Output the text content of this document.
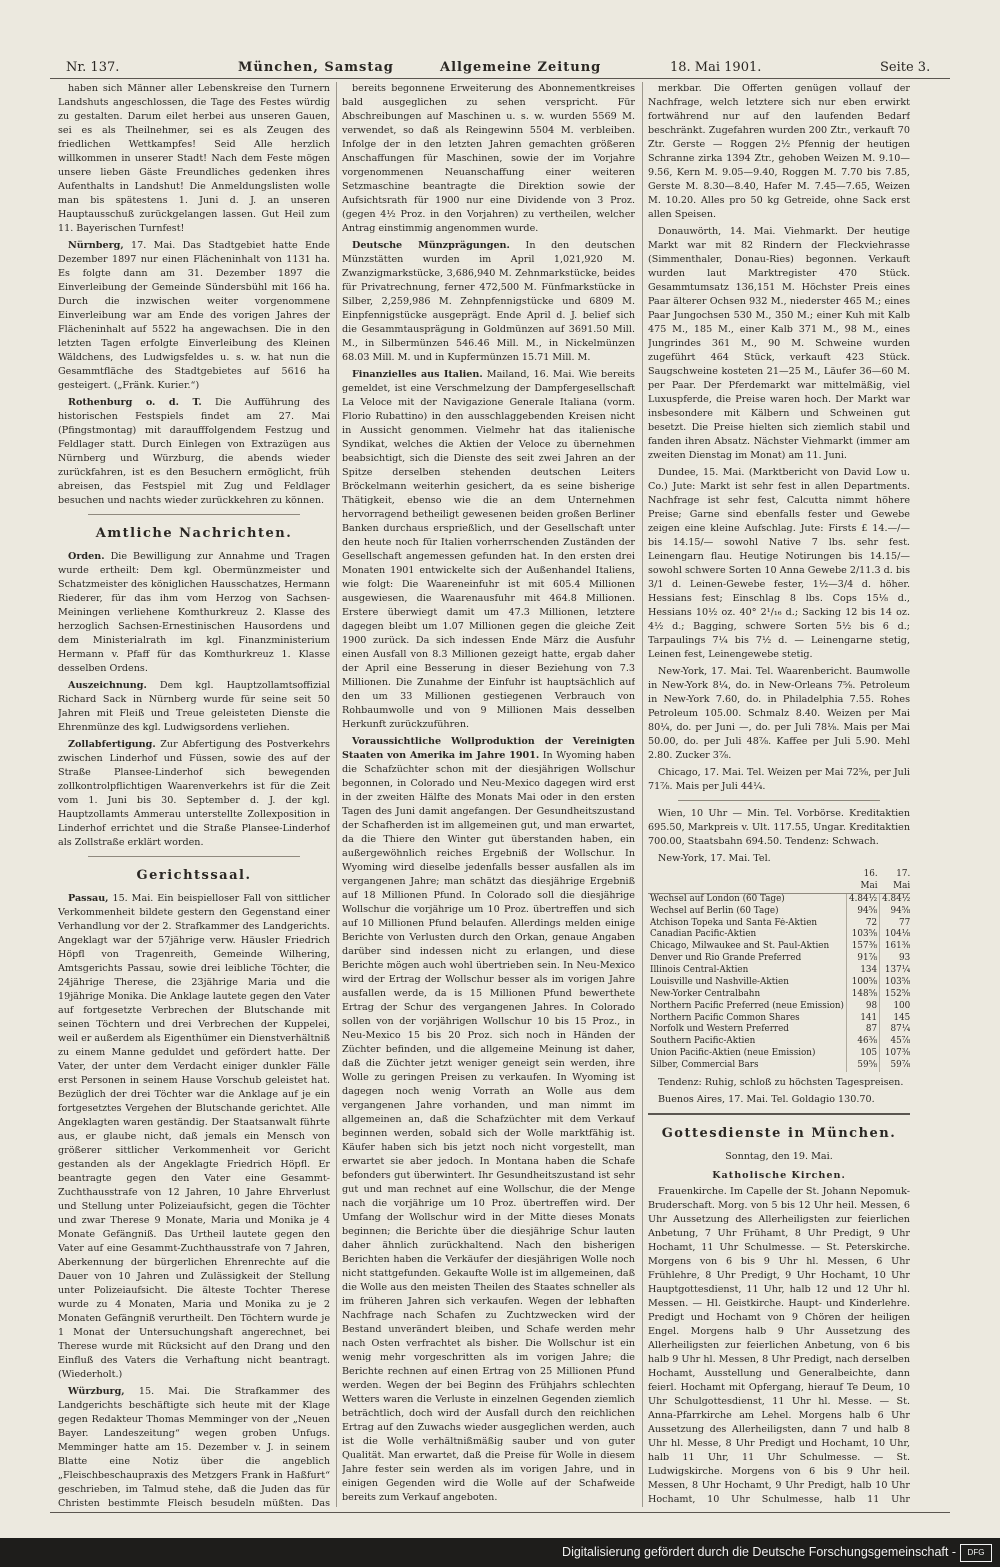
Nr. 137.	München, Samstag	Allgemeine Zeitung	18. Mai 1901.	Seite 3.

haben sich Männer aller Lebenskreise den Turnern Landshuts angeschlossen, die Tage des Festes würdig zu gestalten. Darum eilet herbei aus unseren Gauen, sei es als Theilnehmer, sei es als Zeugen des friedlichen Wettkampfes! Seid Alle herzlich willkommen in unserer Stadt! Nach dem Feste mögen unsere lieben Gäste Freundliches gedenken ihres Aufenthalts in Landshut! Die Anmeldungslisten wolle man bis spätestens 1. Juni d. J. an unseren Hauptausschuß zurückgelangen lassen. Gut Heil zum 11. Bayerischen Turnfest!

Nürnberg, 17. Mai. Das Stadtgebiet hatte Ende Dezember 1897 nur einen Flächeninhalt von 1131 ha. Es folgte dann am 31. Dezember 1897 die Einverleibung der Gemeinde Sündersbühl mit 166 ha. Durch die inzwischen weiter vorgenommene Einverleibung war am Ende des vorigen Jahres der Flächeninhalt auf 5522 ha angewachsen. Die in den letzten Tagen erfolgte Einverleibung des Kleinen Wäldchens, des Ludwigsfeldes u. s. w. hat nun die Gesammtfläche des Stadtgebietes auf 5616 ha gesteigert. („Fränk. Kurier.“)

Rothenburg o. d. T. Die Aufführung des historischen Festspiels findet am 27. Mai (Pfingstmontag) mit daraufffolgendem Festzug und Feldlager statt. Durch Einlegen von Extrazügen aus Nürnberg und Würzburg, die abends wieder zurückfahren, ist es den Besuchern ermöglicht, früh abreisen, das Festspiel mit Zug und Feldlager besuchen und nachts wieder zurückkehren zu können.

Amtliche Nachrichten.

Orden. Die Bewilligung zur Annahme und Tragen wurde ertheilt: Dem kgl. Obermünzmeister und Schatzmeister des königlichen Hausschatzes, Hermann Riederer, für das ihm vom Herzog von Sachsen-Meiningen verliehene Komthurkreuz 2. Klasse des herzoglich Sachsen-Ernestinischen Hausordens und dem Ministerialrath im kgl. Finanzministerium Hermann v. Pfaff für das Komthurkreuz 1. Klasse desselben Ordens.

Auszeichnung. Dem kgl. Hauptzollamtsoffizial Richard Sack in Nürnberg wurde für seine seit 50 Jahren mit Fleiß und Treue geleisteten Dienste die Ehrenmünze des kgl. Ludwigsordens verliehen.

Zollabfertigung. Zur Abfertigung des Postverkehrs zwischen Linderhof und Füssen, sowie des auf der Straße Plansee-Linderhof sich bewegenden zollkontrolpflichtigen Waarenverkehrs ist für die Zeit vom 1. Juni bis 30. September d. J. der kgl. Hauptzollamts Ammerau unterstellte Zollexposition in Linderhof errichtet und die Straße Plansee-Linderhof als Zollstraße erklärt worden.

Gerichtssaal.

Passau, 15. Mai. Ein beispielloser Fall von sittlicher Verkommenheit bildete gestern den Gegenstand einer Verhandlung vor der 2. Strafkammer des Landgerichts. Angeklagt war der 57jährige verw. Häusler Friedrich Höpfl von Tragenreith, Gemeinde Wilhering, Amtsgerichts Passau, sowie drei leibliche Töchter, die 24jährige Therese, die 23jährige Maria und die 19jährige Monika. Die Anklage lautete gegen den Vater auf fortgesetzte Verbrechen der Blutschande mit seinen Töchtern und drei Verbrechen der Kuppelei, weil er außerdem als Eigenthümer ein Dienstverhältniß zu einem Manne geduldet und gefördert hatte. Der Vater, der unter dem Verdacht einiger dunkler Fälle erst Personen in seinem Hause Vorschub geleistet hat. Bezüglich der drei Töchter war die Anklage auf je ein fortgesetztes Vergehen der Blutschande gerichtet. Alle Angeklagten waren geständig. Der Staatsanwalt führte aus, er glaube nicht, daß jemals ein Mensch von größerer sittlicher Verkommenheit vor Gericht gestanden als der Angeklagte Friedrich Höpfl. Er beantragte gegen den Vater eine Gesammt-Zuchthausstrafe von 12 Jahren, 10 Jahre Ehrverlust und Stellung unter Polizeiaufsicht, gegen die Töchter und zwar Therese 9 Monate, Maria und Monika je 4 Monate Gefängniß. Das Urtheil lautete gegen den Vater auf eine Gesammt-Zuchthausstrafe von 7 Jahren, Aberkennung der bürgerlichen Ehrenrechte auf die Dauer von 10 Jahren und Zulässigkeit der Stellung unter Polizeiaufsicht. Die älteste Tochter Therese wurde zu 4 Monaten, Maria und Monika zu je 2 Monaten Gefängniß verurtheilt. Den Töchtern wurde je 1 Monat der Untersuchungshaft angerechnet, bei Therese wurde mit Rücksicht auf den Drang und den Einfluß des Vaters die Verhaftung nicht beantragt. (Wiederholt.)

Würzburg, 15. Mai. Die Strafkammer des Landgerichts beschäftigte sich heute mit der Klage gegen Redakteur Thomas Memminger von der „Neuen Bayer. Landeszeitung“ wegen groben Unfugs. Memminger hatte am 15. Dezember v. J. in seinem Blatte eine Notiz über die angeblich „Fleischbeschaupraxis des Metzgers Frank in Haßfurt“ geschrieben, im Talmud stehe, daß die Juden das für Christen bestimmte Fleisch besudeln müßten. Das

bereits begonnene Erweiterung des Abonnementkreises bald ausgeglichen zu sehen verspricht. Für Abschreibungen auf Maschinen u. s. w. wurden 5569 M. verwendet, so daß als Reingewinn 5504 M. verbleiben. Infolge der in den letzten Jahren gemachten größeren Anschaffungen für Maschinen, sowie der im Vorjahre vorgenommenen Neuanschaffung einer weiteren Setzmaschine beantragte die Direktion sowie der Aufsichtsrath für 1900 nur eine Dividende von 3 Proz. (gegen 4½ Proz. in den Vorjahren) zu vertheilen, welcher Antrag einstimmig angenommen wurde.

Deutsche Münzprägungen. In den deutschen Münzstätten wurden im April 1,021,920 M. Zwanzigmarkstücke, 3,686,940 M. Zehnmarkstücke, beides für Privatrechnung, ferner 472,500 M. Fünfmarkstücke in Silber, 2,259,986 M. Zehnpfennigstücke und 6809 M. Einpfennigstücke ausgeprägt. Ende April d. J. belief sich die Gesammtausprägung in Goldmünzen auf 3691.50 Mill. M., in Silbermünzen 546.46 Mill. M., in Nickelmünzen 68.03 Mill. M. und in Kupfermünzen 15.71 Mill. M.

Finanzielles aus Italien. Mailand, 16. Mai. Wie bereits gemeldet, ist eine Verschmelzung der Dampfergesellschaft La Veloce mit der Navigazione Generale Italiana (vorm. Florio Rubattino) in den ausschlaggebenden Kreisen nicht in Aussicht genommen. Vielmehr hat das italienische Syndikat, welches die Aktien der Veloce zu übernehmen beabsichtigt, sich die Dienste des seit zwei Jahren an der Spitze derselben stehenden deutschen Leiters Bröckelmann weiterhin gesichert, da es seine bisherige Thätigkeit, ebenso wie die an dem Unternehmen hervorragend betheiligt gewesenen beiden großen Berliner Banken durchaus ersprießlich, und der Gesellschaft unter den heute noch für Italien vorherrschenden Zuständen der Gesellschaft angemessen gefunden hat. In den ersten drei Monaten 1901 entwickelte sich der Außenhandel Italiens, wie folgt: Die Waareneinfuhr ist mit 605.4 Millionen ausgewiesen, die Waarenausfuhr mit 464.8 Millionen. Erstere überwiegt damit um 47.3 Millionen, letztere dagegen bleibt um 1.07 Millionen gegen die gleiche Zeit 1900 zurück. Da sich indessen Ende März die Ausfuhr einen Ausfall von 8.3 Millionen gezeigt hatte, ergab daher der April eine Besserung in dieser Beziehung von 7.3 Millionen. Die Zunahme der Einfuhr ist hauptsächlich auf den um 33 Millionen gestiegenen Verbrauch von Rohbaumwolle und von 9 Millionen Mais desselben Herkunft zurückzuführen.

Voraussichtliche Wollproduktion der Vereinigten Staaten von Amerika im Jahre 1901. In Wyoming haben die Schafzüchter schon mit der diesjährigen Wollschur begonnen, in Colorado und Neu-Mexico dagegen wird erst in der zweiten Hälfte des Monats Mai oder in den ersten Tagen des Juni damit angefangen. Der Gesundheitszustand der Schafherden ist im allgemeinen gut, und man erwartet, da die Thiere den Winter gut überstanden haben, ein außergewöhnlich reiches Ergebniß der Wollschur. In Wyoming wird dieselbe jedenfalls besser ausfallen als im vergangenen Jahre; man schätzt das diesjährige Ergebniß auf 18 Millionen Pfund. In Colorado soll die diesjährige Wollschur die vorjährige um 10 Proz. übertreffen und sich auf 10 Millionen Pfund belaufen. Allerdings melden einige Berichte von Verlusten durch den Orkan, genaue Angaben darüber sind indessen nicht zu erlangen, und diese Berichte mögen auch wohl übertrieben sein. In Neu-Mexico wird der Ertrag der Wollschur besser als im vorigen Jahre ausfallen werde, da is 15 Millionen Pfund bewerthete Ertrag der Schur des vergangenen Jahres. In Colorado sollen von der vorjährigen Wollschur 10 bis 15 Proz., in Neu-Mexico 15 bis 20 Proz. sich noch in Händen der Züchter befinden, und die allgemeine Meinung ist daher, daß die Züchter jetzt weniger geneigt sein werden, ihre Wolle zu geringen Preisen zu verkaufen. In Wyoming ist dagegen noch wenig Vorrath an Wolle aus dem vergangenen Jahre vorhanden, und man nimmt im allgemeinen an, daß die Schafzüchter mit dem Verkauf beginnen werden, sobald sich der Wolle marktfähig ist. Käufer haben sich bis jetzt noch nicht vorgestellt, man erwartet sie aber jedoch. In Montana haben die Schafe befonders gut überwintert. Ihr Gesundheitszustand ist sehr gut und man rechnet auf eine Wollschur, die der Menge nach die vorjährige um 10 Proz. übertreffen wird. Der Umfang der Wollschur wird in der Mitte dieses Monats beginnen; die Berichte über die diesjährige Schur lauten daher ähnlich zurückhaltend. Nach den bisherigen Berichten haben die Verkäufer der diesjährigen Wolle noch nicht stattgefunden. Gekaufte Wolle ist im allgemeinen, daß die Wolle aus den meisten Theilen des Staates schneller als im früheren Jahren sich verkaufen. Wegen der lebhaften Nachfrage nach Schafen zu Zuchtzwecken wird der Bestand unverändert bleiben, und Schafe werden mehr nach Osten verfrachtet als bisher. Die Wollschur ist ein wenig mehr vorgeschritten als im vorigen Jahre; die Berichte rechnen auf einen Ertrag von 25 Millionen Pfund werden. Wegen der bei Beginn des Frühjahrs schlechten Wetters waren die Verluste in einzelnen Gegenden ziemlich beträchtlich, doch wird der Ausfall durch den reichlichen Ertrag auf den Zuwachs wieder ausgeglichen werden, auch ist die Wolle verhältnißmäßig sauber und von guter Qualität. Man erwartet, daß die Preise für Wolle in diesem Jahre fester sein werden als im vorigen Jahre, und in einigen Gegenden wird die Wolle auf der Schafweide bereits zum Verkauf angeboten.

merkbar. Die Offerten genügen vollauf der Nachfrage, welch letztere sich nur eben erwirkt fortwährend nur auf den laufenden Bedarf beschränkt. Zugefahren wurden 200 Ztr., verkauft 70 Ztr. Gerste — Roggen 2½ Pfennig der heutigen Schranne zirka 1394 Ztr., gehoben Weizen M. 9.10—9.56, Kern M. 9.05—9.40, Roggen M. 7.70 bis 7.85, Gerste M. 8.30—8.40, Hafer M. 7.45—7.65, Weizen M. 10.20. Alles pro 50 kg Getreide, ohne Sack erst allen Speisen.

Donauwörth, 14. Mai. Viehmarkt. Der heutige Markt war mit 82 Rindern der Fleckviehrasse (Simmenthaler, Donau-Ries) begonnen. Verkauft wurden laut Marktregister 470 Stück. Gesammtumsatz 136,151 M. Höchster Preis eines Paar älterer Ochsen 932 M., niederster 465 M.; eines Paar Jungochsen 530 M., 350 M.; einer Kuh mit Kalb 475 M., 185 M., einer Kalb 371 M., 98 M., eines Jungrindes 361 M., 90 M. Schweine wurden zugeführt 464 Stück, verkauft 423 Stück. Saugschweine kosteten 21—25 M., Läufer 36—60 M. per Paar. Der Pferdemarkt war mittelmäßig, viel Luxuspferde, die Preise waren hoch. Der Markt war insbesondere mit Kälbern und Schweinen gut besetzt. Die Preise hielten sich ziemlich stabil und fanden ihren Absatz. Nächster Viehmarkt (immer am zweiten Dienstag im Monat) am 11. Juni.

Dundee, 15. Mai. (Marktbericht von David Low u. Co.) Jute: Markt ist sehr fest in allen Departments. Nachfrage ist sehr fest, Calcutta nimmt höhere Preise; Garne sind ebenfalls fester und Gewebe zeigen eine kleine Aufschlag. Jute: Firsts £ 14.—/— bis 14.15/— sowohl Native 7 lbs. sehr fest. Leinengarn flau. Heutige Notirungen bis 14.15/— sowohl schwere Sorten 10 Anna Gewebe 2/11.3 d. bis 3/1 d. Leinen-Gewebe fester, 1½—3/4 d. höher. Hessians fest; Einschlag 8 lbs. Cops 15⅛ d., Hessians 10½ oz. 40° 2¹/₁₆ d.; Sacking 12 bis 14 oz. 4½ d.; Bagging, schwere Sorten 5½ bis 6 d.; Tarpaulings 7¼ bis 7½ d. — Leinengarne stetig, Leinen fest, Leinengewebe stetig.

New-York, 17. Mai. Tel. Waarenbericht. Baumwolle in New-York 8¼, do. in New-Orleans 7⅝. Petroleum in New-York 7.60, do. in Philadelphia 7.55. Rohes Petroleum 105.00. Schmalz 8.40. Weizen per Mai 80¼, do. per Juni —, do. per Juli 78⅛. Mais per Mai 50.00, do. per Juli 48⅞. Kaffee per Juli 5.90. Mehl 2.80. Zucker 3⅞.

Chicago, 17. Mai. Tel. Weizen per Mai 72⅝, per Juli 71⅞. Mais per Juli 44¼.

Wien, 10 Uhr — Min. Tel. Vorbörse. Kreditaktien 695.50, Markpreis v. Ult. 117.55, Ungar. Kreditaktien 700.00, Staatsbahn 694.50. Tendenz: Schwach.

New-York, 17. Mai. Tel.

	16. Mai	17. Mai
Wechsel auf London (60 Tage)	4.84½	4.84½
Wechsel auf Berlin (60 Tage)	94⅝	94⅝
Atchison Topeka und Santa Fé-Aktien	72	77
Canadian Pacific-Aktien	103⅝	104⅛
Chicago, Milwaukee and St. Paul-Aktien	157⅜	161⅜
Denver und Rio Grande Preferred	91⅞	93
Illinois Central-Aktien	134	137¼
Louisville und Nashville-Aktien	100⅝	103⅝
New-Yorker Centralbahn	148⅝	152⅝
Northern Pacific Preferred (neue Emission)	98	100
Northern Pacific Common Shares	141	145
Norfolk und Western Preferred	87	87¼
Southern Pacific-Aktien	46⅜	45⅞
Union Pacific-Aktien (neue Emission)	105	107⅜
Silber, Commercial Bars	59⅝	59⅞

Tendenz: Ruhig, schloß zu höchsten Tagespreisen.

Buenos Aires, 17. Mai. Tel. Goldagio 130.70.

Gottesdienste in München.
Sonntag, den 19. Mai.
Katholische Kirchen.

Frauenkirche. Im Capelle der St. Johann Nepomuk-Bruderschaft. Morg. von 5 bis 12 Uhr heil. Messen, 6 Uhr Aussetzung des Allerheiligsten zur feierlichen Anbetung, 7 Uhr Frühamt, 8 Uhr Predigt, 9 Uhr Hochamt, 11 Uhr Schulmesse. — St. Peterskirche. Morgens von 6 bis 9 Uhr hl. Messen, 6 Uhr Frühlehre, 8 Uhr Predigt, 9 Uhr Hochamt, 10 Uhr Hauptgottesdienst, 11 Uhr, halb 12 und 12 Uhr hl. Messen. — Hl. Geistkirche. Haupt- und Kinderlehre. Predigt und Hochamt von 9 Chören der heiligen Engel. Morgens halb 9 Uhr Aussetzung des Allerheiligsten zur feierlichen Anbetung, von 6 bis halb 9 Uhr hl. Messen, 8 Uhr Predigt, nach derselben Hochamt, Ausstellung und Generalbeichte, dann feierl. Hochamt mit Opfergang, hierauf Te Deum, 10 Uhr Schulgottesdienst, 11 Uhr hl. Messe. — St. Anna-Pfarrkirche am Lehel. Morgens halb 6 Uhr Aussetzung des Allerheiligsten, dann 7 und halb 8 Uhr hl. Messe, 8 Uhr Predigt und Hochamt, 10 Uhr, halb 11 Uhr, 11 Uhr Schulmesse. — St. Ludwigskirche. Morgens von 6 bis 9 Uhr heil. Messen, 8 Uhr Hochamt, 9 Uhr Predigt, halb 10 Uhr Hochamt, 10 Uhr Schulmesse, halb 11 Uhr

Digitalisierung gefördert durch die Deutsche Forschungsgemeinschaft -	DFG
